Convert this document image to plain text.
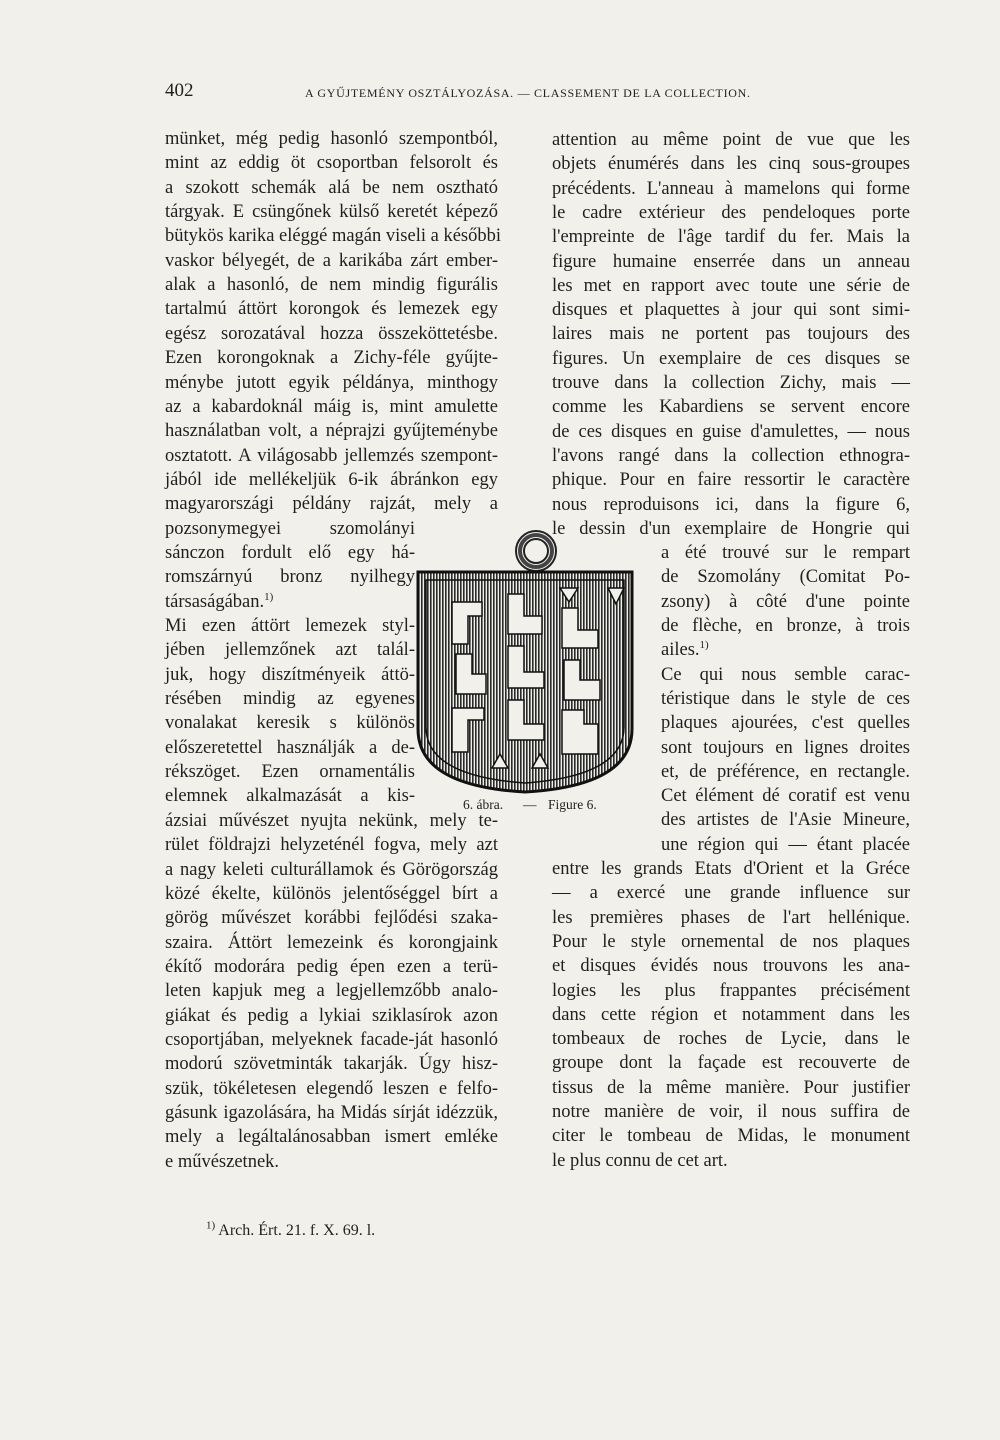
402	A GYŰJTEMÉNY OSZTÁLYOZÁSA. — CLASSEMENT DE LA COLLECTION.
münket, még pedig hasonló szempontból,
mint az eddig öt csoportban felsorolt és
a szokott schemák alá be nem osztható
tárgyak. E csüngőnek külső keretét képező
bütykös karika eléggé magán viseli a későbbi
vaskor bélyegét, de a karikába zárt ember-
alak a hasonló, de nem mindig figurális
tartalmú áttört korongok és lemezek egy
egész sorozatával hozza összeköttetésbe.
Ezen korongoknak a Zichy-féle gyűjte-
ménybe jutott egyik példánya, minthogy
az a kabardoknál máig is, mint amulette
használatban volt, a néprajzi gyűjteménybe
osztatott. A világosabb jellemzés szempont-
jából ide mellékeljük 6-ik ábránkon egy
magyarországi példány rajzát, mely a
pozsonymegyei szomolányi
sánczon fordult elő egy há-
romszárnyú bronz nyilhegy
társaságában.$^{1)}$
Mi ezen áttört lemezek styl-
jében jellemzőnek azt talál-
juk, hogy diszítményeik áttö-
résében mindig az egyenes
vonalakat keresik s különös
előszeretettel használják a de-
rékszöget. Ezen ornamentális
elemnek alkalmazását a kis-
ázsiai művészet nyujta nekünk, mely te-
rület földrajzi helyzeténél fogva, mely azt
a nagy keleti culturállamok és Görögország
közé ékelte, különös jelentőséggel bírt a
görög művészet korábbi fejlődési szaka-
szaira. Áttört lemezeink és korongjaink
ékítő modorára pedig épen ezen a terü-
leten kapjuk meg a legjellemzőbb analo-
giákat és pedig a lykiai sziklasírok azon
csoportjában, melyeknek facade-ját hasonló
modorú szövetminták takarják. Úgy hisz-
szük, tökéletesen elegendő leszen e felfo-
gásunk igazolására, ha Midás sírját idézzük,
mely a legáltalánosabban ismert emléke
e művészetnek.
attention au même point de vue que les
objets énumérés dans les cinq sous-groupes
précédents. L'anneau à mamelons qui forme
le cadre extérieur des pendeloques porte
l'empreinte de l'âge tardif du fer. Mais la
figure humaine enserrée dans un anneau
les met en rapport avec toute une série de
disques et plaquettes à jour qui sont simi-
laires mais ne portent pas toujours des
figures. Un exemplaire de ces disques se
trouve dans la collection Zichy, mais —
comme les Kabardiens se servent encore
de ces disques en guise d'amulettes, — nous
l'avons rangé dans la collection ethnogra-
phique. Pour en faire ressortir le caractère
nous reproduisons ici, dans la figure 6,
le dessin d'un exemplaire de Hongrie qui
a été trouvé sur le rempart
de Szomolány (Comitat Po-
zsony) à côté d'une pointe
de flèche, en bronze, à trois
ailes.$^{1)}$
Ce qui nous semble carac-
téristique dans le style de ces
plaques ajourées, c'est quelles
sont toujours en lignes droites
et, de préférence, en rectangle.
Cet élément dé coratif est venu
des artistes de l'Asie Mineure,
une région qui — étant placée
entre les grands Etats d'Orient et la Gréce
— a exercé une grande influence sur
les premières phases de l'art hellénique.
Pour le style ornemental de nos plaques
et disques évidés nous trouvons les ana-
logies les plus frappantes précisément
dans cette région et notamment dans les
tombeaux de roches de Lycie, dans le
groupe dont la façade est recouverte de
tissus de la même manière. Pour justifier
notre manière de voir, il nous suffira de
citer le tombeau de Midas, le monument
le plus connu de cet art.
6. ábra. — Figure 6.
$^{1)}$ Arch. Ért. 21. f. X. 69. l.
